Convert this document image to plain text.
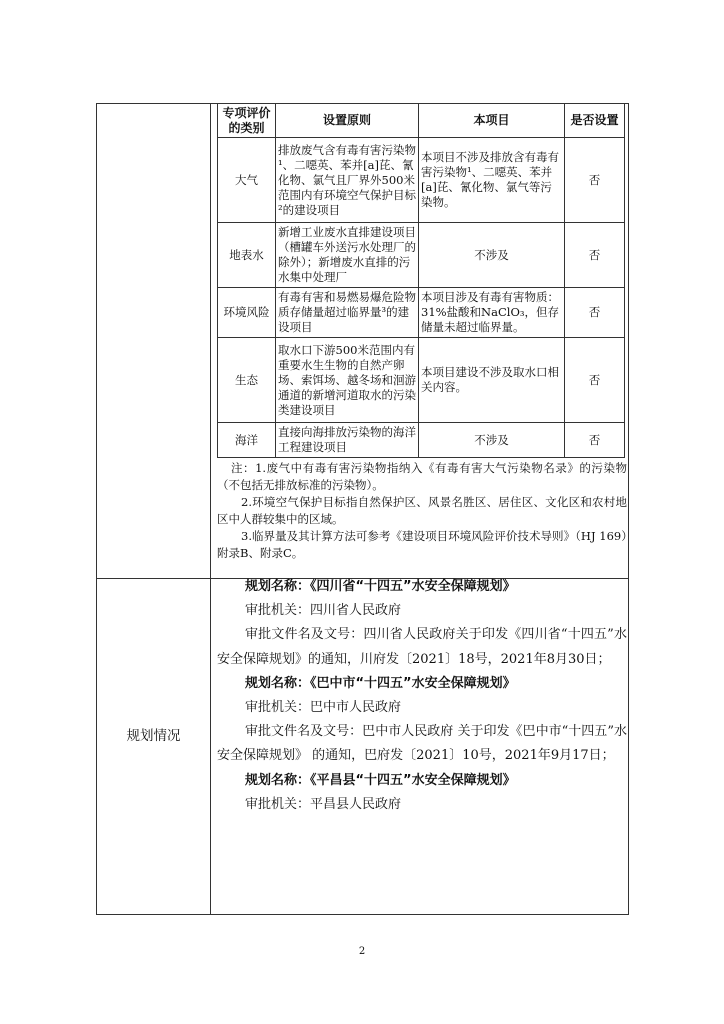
规划情况
专项评价的类别	设置原则	本项目	是否设置
大气	排放废气含有毒有害污染物¹、二噁英、苯并[a]芘、氰化物、氯气且厂界外500米范围内有环境空气保护目标²的建设项目	本项目不涉及排放含有毒有害污染物¹、二噁英、苯并[a]芘、氰化物、氯气等污染物。	否
地表水	新增工业废水直排建设项目（槽罐车外送污水处理厂的除外）；新增废水直排的污水集中处理厂	不涉及	否
环境风险	有毒有害和易燃易爆危险物质存储量超过临界量³的建设项目	本项目涉及有毒有害物质：31%盐酸和NaClO₃，但存储量未超过临界量。	否
生态	取水口下游500米范围内有重要水生生物的自然产卵场、索饵场、越冬场和洄游通道的新增河道取水的污染类建设项目	本项目建设不涉及取水口相关内容。	否
海洋	直接向海排放污染物的海洋工程建设项目	不涉及	否

注：1.废气中有毒有害污染物指纳入《有毒有害大气污染物名录》的污染物（不包括无排放标准的污染物）。

2.环境空气保护目标指自然保护区、风景名胜区、居住区、文化区和农村地区中人群较集中的区域。

3.临界量及其计算方法可参考《建设项目环境风险评价技术导则》（HJ 169）附录B、附录C。

规划名称：《四川省“十四五”水安全保障规划》

审批机关：四川省人民政府

审批文件名及文号：四川省人民政府关于印发《四川省“十四五”水安全保障规划》的通知，川府发〔2021〕18号，2021年8月30日；

规划名称：《巴中市“十四五”水安全保障规划》

审批机关：巴中市人民政府

审批文件名及文号：巴中市人民政府 关于印发《巴中市“十四五”水安全保障规划》 的通知，巴府发〔2021〕10号，2021年9月17日；

规划名称：《平昌县“十四五”水安全保障规划》

审批机关：平昌县人民政府

2
